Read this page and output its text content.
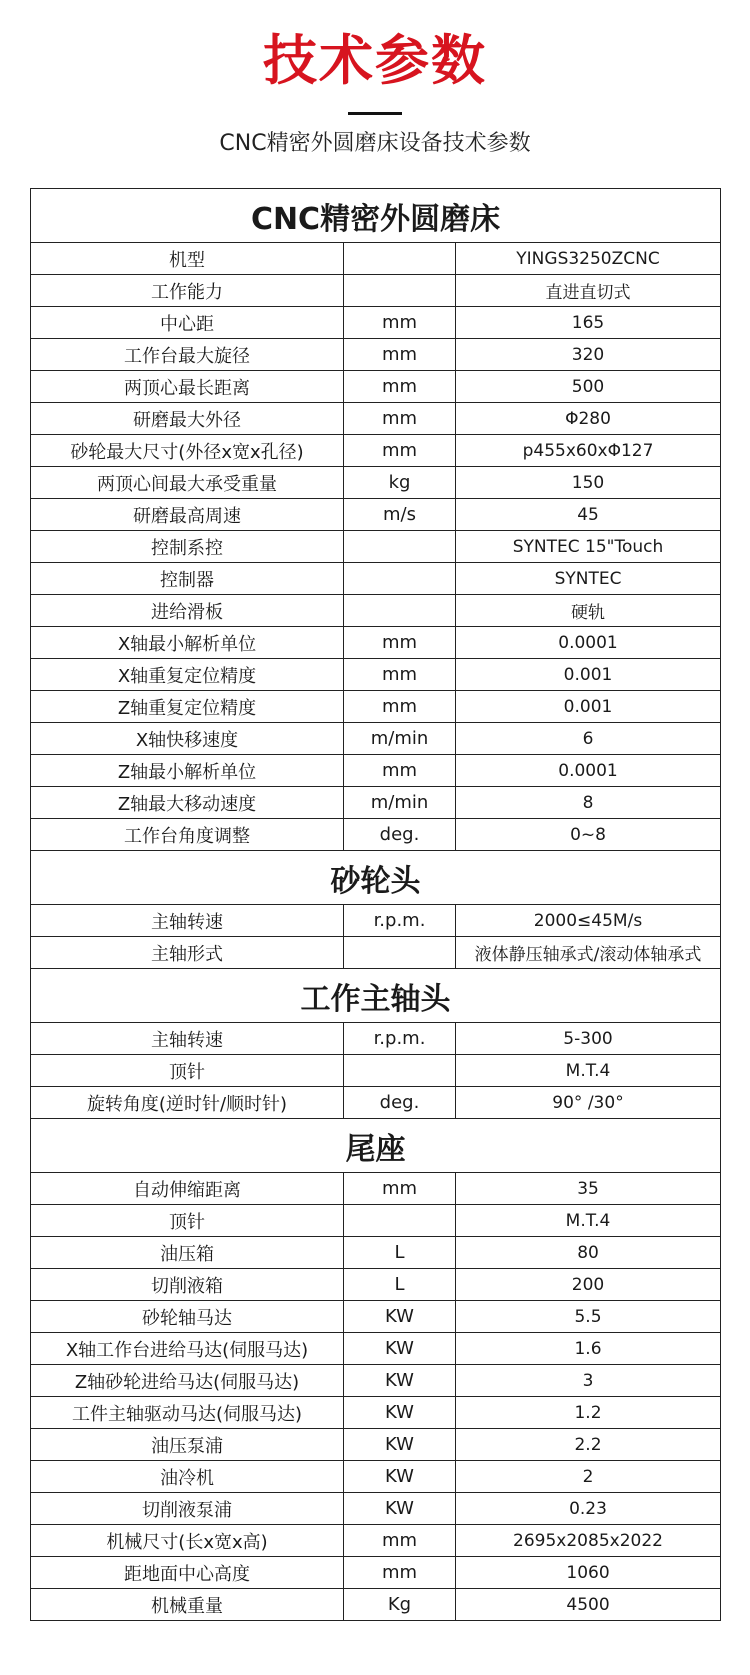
技术参数
CNC精密外圆磨床设备技术参数
CNC精密外圆磨床		
机型		YINGS3250ZCNC
工作能力		直进直切式
中心距	mm	165
工作台最大旋径	mm	320
两顶心最长距离	mm	500
研磨最大外径	mm	Φ280
砂轮最大尺寸(外径x宽x孔径)	mm	p455x60xΦ127
两顶心间最大承受重量	kg	150
研磨最高周速	m/s	45
控制系控		SYNTEC 15"Touch
控制器		SYNTEC
进给滑板		硬轨
X轴最小解析单位	mm	0.0001
X轴重复定位精度	mm	0.001
Z轴重复定位精度	mm	0.001
X轴快移速度	m/min	6
Z轴最小解析单位	mm	0.0001
Z轴最大移动速度	m/min	8
工作台角度调整	deg.	0~8
砂轮头		
主轴转速	r.p.m.	2000≤45M/s
主轴形式		液体静压轴承式/滚动体轴承式
工作主轴头		
主轴转速	r.p.m.	5-300
顶针		M.T.4
旋转角度(逆时针/顺时针)	deg.	90° /30°
尾座		
自动伸缩距离	mm	35
顶针		M.T.4
油压箱	L	80
切削液箱	L	200
砂轮轴马达	KW	5.5
X轴工作台进给马达(伺服马达)	KW	1.6
Z轴砂轮进给马达(伺服马达)	KW	3
工件主轴驱动马达(伺服马达)	KW	1.2
油压泵浦	KW	2.2
油冷机	KW	2
切削液泵浦	KW	0.23
机械尺寸(长x宽x高)	mm	2695x2085x2022
距地面中心高度	mm	1060
机械重量	Kg	4500
